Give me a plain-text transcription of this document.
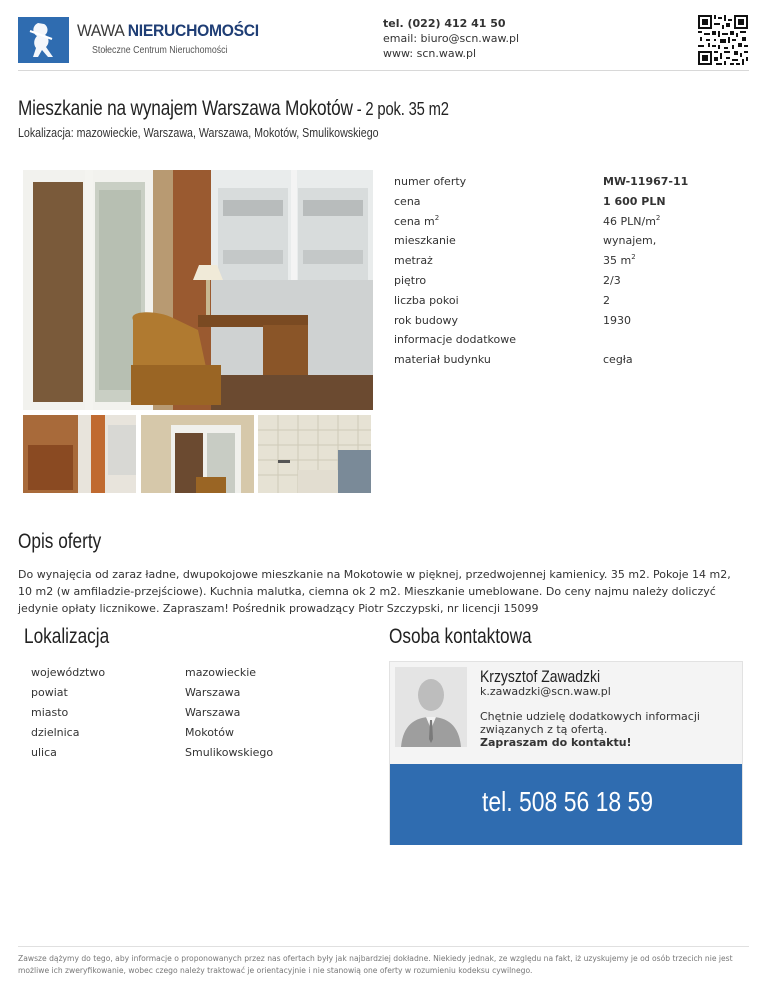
WAWA NIERUCHOMOŚCI
Stołeczne Centrum Nieruchomości
tel. (022) 412 41 50
email: biuro@scn.waw.pl
www: scn.waw.pl
Mieszkanie na wynajem Warszawa Mokotów - 2 pok. 35 m2
Lokalizacja: mazowieckie, Warszawa, Warszawa, Mokotów, Smulikowskiego
numer oferty	MW-11967-11
cena	1 600 PLN
cena $m^2$	46 PLN/$m^2$
mieszkanie	wynajem,
metraż	35 $m^2$
piętro	2/3
liczba pokoi	2
rok budowy	1930
informacje dodatkowe
materiał budynku	cegła
Opis oferty
Do wynajęcia od zaraz ładne, dwupokojowe mieszkanie na Mokotowie w pięknej, przedwojennej kamienicy. 35 m2. Pokoje 14 m2, 10 m2 (w amfiladzie-przejściowe). Kuchnia malutka, ciemna ok 2 m2. Mieszkanie umeblowane. Do ceny najmu należy doliczyć jedynie opłaty licznikowe. Zapraszam! Pośrednik prowadzący Piotr Szczypski, nr licencji 15099
Lokalizacja
województwo	mazowieckie
powiat	Warszawa
miasto	Warszawa
dzielnica	Mokotów
ulica	Smulikowskiego
Osoba kontaktowa
Krzysztof Zawadzki
k.zawadzki@scn.waw.pl
Chętnie udzielę dodatkowych informacji związanych z tą ofertą.
Zapraszam do kontaktu!
tel. 508 56 18 59
Zawsze dążymy do tego, aby informacje o proponowanych przez nas ofertach były jak najbardziej dokładne. Niekiedy jednak, ze względu na fakt, iż uzyskujemy je od osób trzecich nie jest możliwe ich zweryfikowanie, wobec czego należy traktować je orientacyjnie i nie stanowią one oferty w rozumieniu kodeksu cywilnego.
